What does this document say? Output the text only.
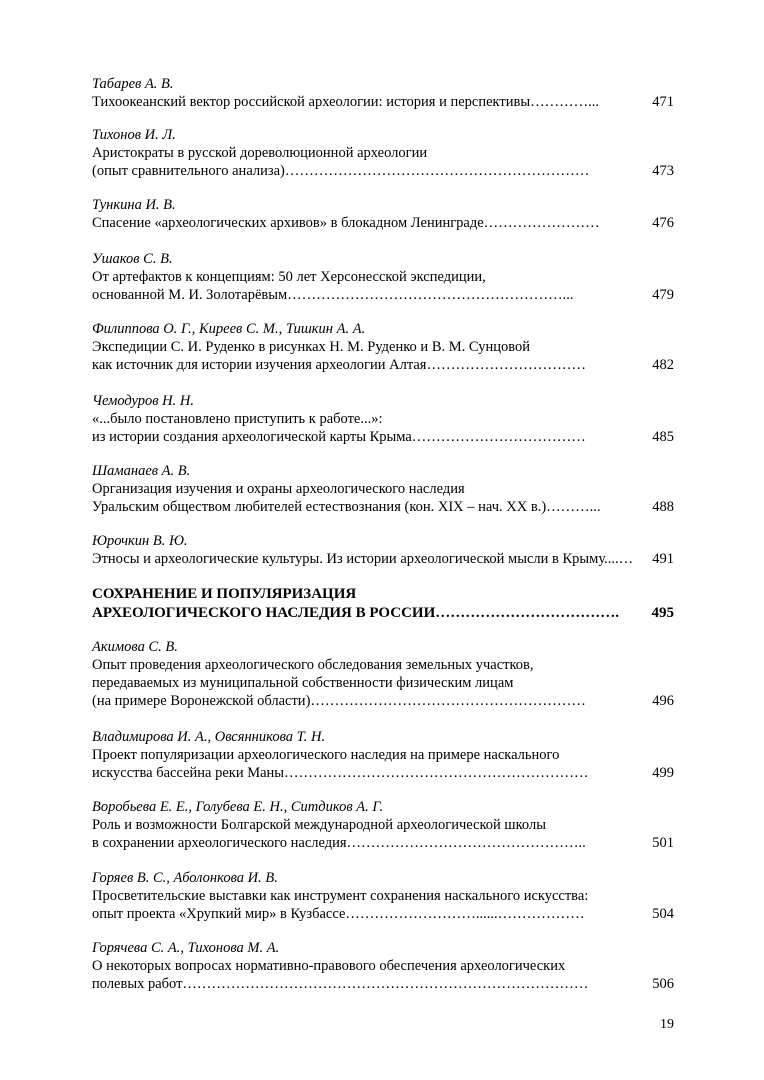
Табарев А. В.
Тихоокеанский вектор российской археологии: история и перспективы…………...	471
Тихонов И. Л.
Аристократы в русской дореволюционной археологии
(опыт сравнительного анализа)………………………………………………………	473
Тункина И. В.
Спасение «археологических архивов» в блокадном Ленинграде……………………	476
Ушаков С. В.
От артефактов к концепциям: 50 лет Херсонесской экспедиции,
основанной М. И. Золотарёвым…………………………………………………...	479
Филиппова О. Г., Киреев С. М., Тишкин А. А.
Экспедиции С. И. Руденко в рисунках Н. М. Руденко и В. М. Сунцовой
как источник для истории изучения археологии Алтая……………………………	482
Чемодуров Н. Н.
«...было постановлено приступить к работе...»:
из истории создания археологической карты Крыма………………………………	485
Шаманаев А. В.
Организация изучения и охраны археологического наследия
Уральским обществом любителей естествознания (кон. XIX – нач. XX в.)………...	488
Юрочкин В. Ю.
Этносы и археологические культуры. Из истории археологической мысли в Крыму....… 491
СОХРАНЕНИЕ И ПОПУЛЯРИЗАЦИЯ
АРХЕОЛОГИЧЕСКОГО НАСЛЕДИЯ В РОССИИ………………………………. 495
Акимова С. В.
Опыт проведения археологического обследования земельных участков,
передаваемых из муниципальной собственности физическим лицам
(на примере Воронежской области)…………………………………………………	496
Владимирова И. А., Овсянникова Т. Н.
Проект популяризации археологического наследия на примере наскального
искусства бассейна реки Маны………………………………………………………	499
Воробьева Е. Е., Голубева Е. Н., Ситдиков А. Г.
Роль и возможности Болгарской международной археологической школы
в сохранении археологического наследия…………………………………………..	501
Горяев В. С., Аболонкова И. В.
Просветительские выставки как инструмент сохранения наскального искусства:
опыт проекта «Хрупкий мир» в Кузбассе………………………......………………	504
Горячева С. А., Тихонова М. А.
О некоторых вопросах нормативно-правового обеспечения археологических
полевых работ…………………………………………………………………………	506
19
